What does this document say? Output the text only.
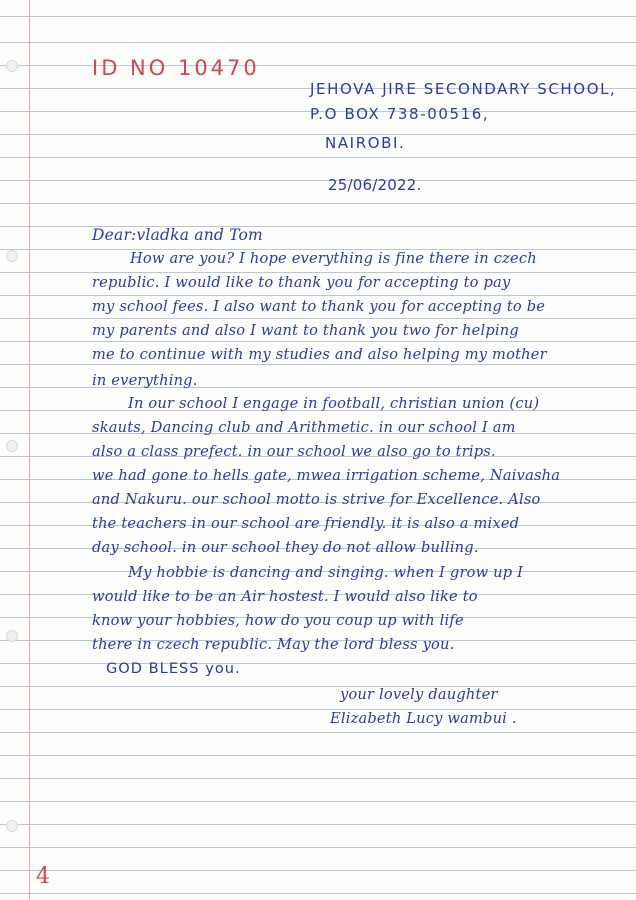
ID NO 10470
JEHOVA JIRE SECONDARY SCHOOL,
P.O BOX 738-00516,
NAIROBI.
25/06/2022.
Dear:vladka and Tom
How are you? I hope everything is fine there in czech
republic. I would like to thank you for accepting to pay
my school fees. I also want to thank you for accepting to be
my parents and also I want to thank you two for helping
me to continue with my studies and also helping my mother
in everything.
In our school I engage in football, christian union (cu)
skauts, Dancing club and Arithmetic. in our school I am
also a class prefect. in our school we also go to trips.
we had gone to hells gate, mwea irrigation scheme, Naivasha
and Nakuru. our school motto is strive for Excellence. Also
the teachers in our school are friendly. it is also a mixed
day school. in our school they do not allow bulling.
My hobbie is dancing and singing. when I grow up I
would like to be an Air hostest. I would also like to
know your hobbies, how do you coup up with life
there in czech republic. May the lord bless you.
GOD BLESS you.
your lovely daughter
Elizabeth Lucy wambui .
4
